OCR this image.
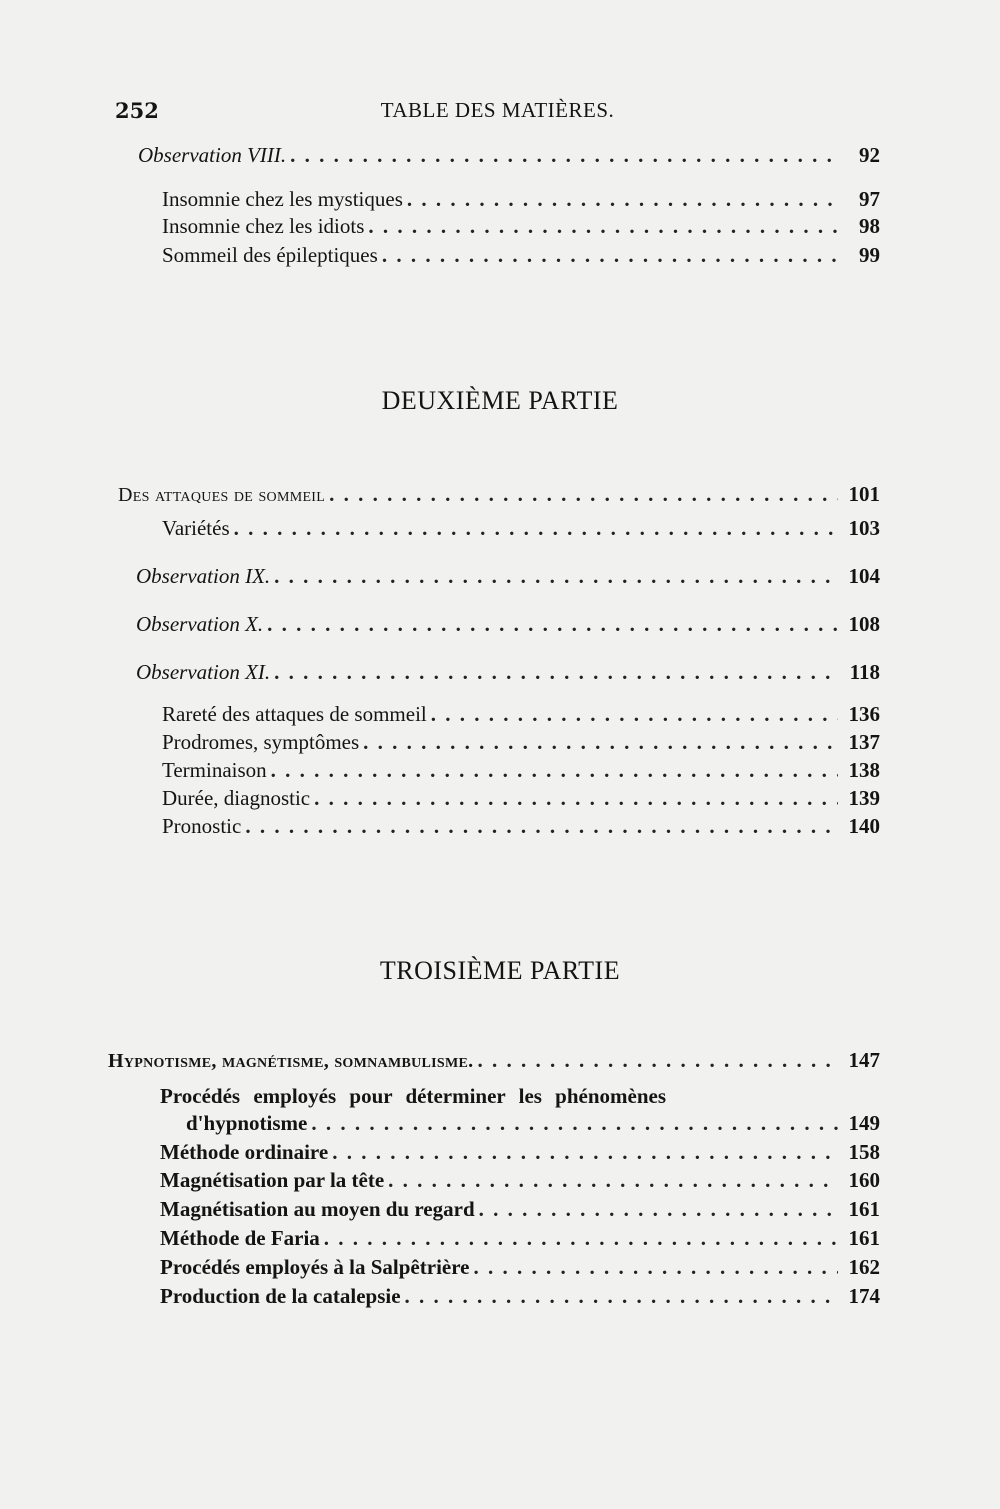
252	TABLE DES MATIÈRES.
Observation VIII. . . .	92
Insomnie chez les mystiques . . .	97
Insomnie chez les idiots . . .	98
Sommeil des épileptiques . . .	99
DEUXIÈME PARTIE
Des attaques de sommeil . . .	101
Variétés . . .	103
Observation IX. . . .	104
Observation X. . . .	108
Observation XI. . . .	118
Rareté des attaques de sommeil . . .	136
Prodromes, symptômes . . .	137
Terminaison . . .	138
Durée, diagnostic . . .	139
Pronostic . . .	140
TROISIÈME PARTIE
Hypnotisme, magnétisme, somnambulisme. . . .	147
Procédés employés pour déterminer les phénomènes
d'hypnotisme . . .	149
Méthode ordinaire . . .	158
Magnétisation par la tête . . .	160
Magnétisation au moyen du regard . . .	161
Méthode de Faria . . .	161
Procédés employés à la Salpêtrière . . .	162
Production de la catalepsie . . .	174
